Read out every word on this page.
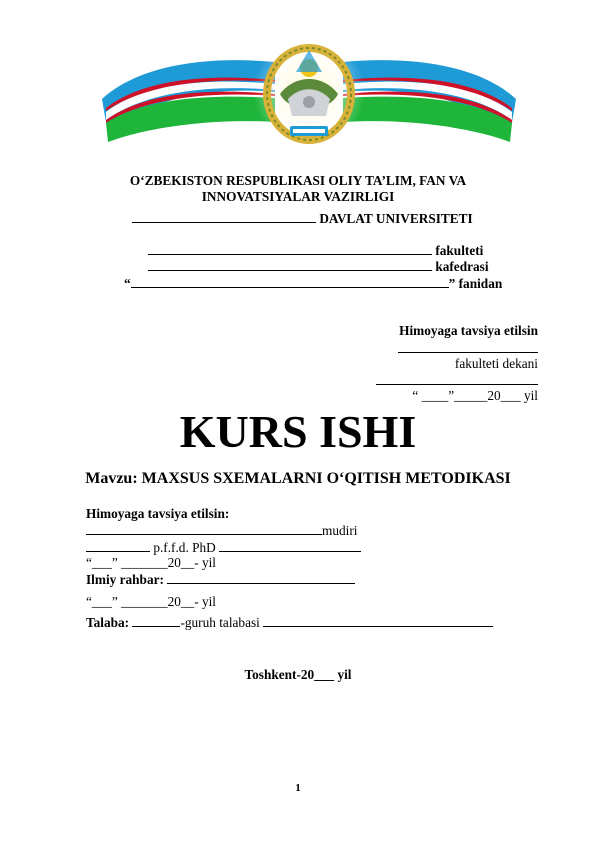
O‘ZBEKISTON RESPUBLIKASI OLIY TA’LIM, FAN VA
INNOVATSIYALAR VAZIRLIGI
DAVLAT UNIVERSITETI
fakulteti
kafedrasi
“	” fanidan
Himoyaga tavsiya etilsin
fakulteti dekani
“ ____”_____20___ yil
KURS ISHI
Mavzu: MAXSUS SXEMALARNI O‘QITISH METODIKASI
Himoyaga tavsiya etilsin:
mudiri
p.f.f.d. PhD
“___” _______20__- yil
Ilmiy rahbar:
“___” _______20__- yil
Talaba:	-guruh talabasi
Toshkent-20___ yil
1
